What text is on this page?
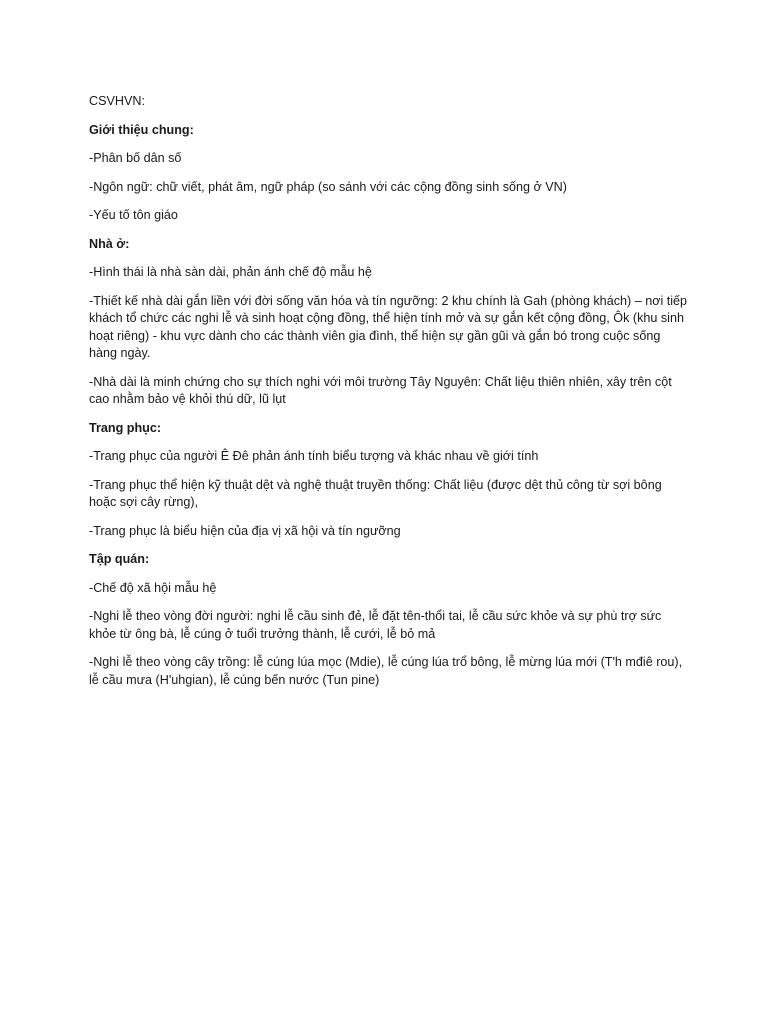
CSVHVN:

Giới thiệu chung:

-Phân bố dân số

-Ngôn ngữ: chữ viết, phát âm, ngữ pháp (so sánh với các cộng đồng sinh sống ở VN)

-Yếu tố tôn giáo

Nhà ở:

-Hình thái là nhà sàn dài, phản ánh chế độ mẫu hệ

-Thiết kế nhà dài gắn liền với đời sống văn hóa và tín ngưỡng: 2 khu chính là Gah (phòng khách) – nơi tiếp khách tổ chức các nghi lễ và sinh hoạt cộng đồng, thể hiện tính mở và sự gắn kết cộng đồng, Ôk (khu sinh hoạt riêng) - khu vực dành cho các thành viên gia đình, thể hiện sự gần gũi và gắn bó trong cuộc sống hàng ngày.

-Nhà dài là minh chứng cho sự thích nghi với môi trường Tây Nguyên: Chất liệu thiên nhiên, xây trên cột cao nhằm bảo vệ khỏi thú dữ, lũ lụt

Trang phục:

-Trang phục của người Ê Đê phản ánh tính biểu tượng và khác nhau về giới tính

-Trang phục thể hiện kỹ thuật dệt và nghệ thuật truyền thống: Chất liệu (được dệt thủ công từ sợi bông hoặc sợi cây rừng),

-Trang phục là biểu hiện của địa vị xã hội và tín ngưỡng

Tập quán:

-Chế độ xã hội mẫu hệ

-Nghi lễ theo vòng đời người: nghi lễ cầu sinh đẻ, lễ đặt tên-thổi tai, lễ cầu sức khỏe và sự phù trợ sức khỏe từ ông bà, lễ cúng ở tuổi trưởng thành, lễ cưới, lễ bỏ mả

-Nghi lễ theo vòng cây trồng: lễ cúng lúa mọc (Mdie), lễ cúng lúa trổ bông, lễ mừng lúa mới (T'h mđiê rou), lễ cầu mưa (H'uhgian), lễ cúng bến nước (Tun pine)
